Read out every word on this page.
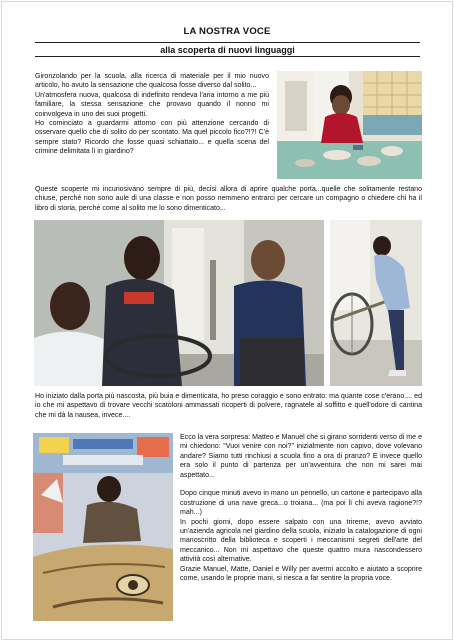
LA NOSTRA VOCE
alla scoperta di nuovi linguaggi

Gironzolando per la scuola, alla ricerca di materiale per il mio nuovo articolo, ho avuto la sensazione che qualcosa fosse diverso dal solito...

Un'atmosfera nuova, qualcosa di indefinito rendeva l'aria intorno a me più familiare, la stessa sensazione che provavo quando il nonno mi coinvolgeva in uno dei suoi progetti.

Ho cominciato a guardarmi attorno con più attenzione cercando di osservare quello che di solito do per scontato. Ma quel piccolo fico?!?! C'è sempre stato? Ricordo che fosse quasi schiattato... e quella scena del crimine delimitata lì in giardino?

Queste scoperte mi incuriosivano sempre di più, decisi allora di aprire qualche porta...quelle che solitamente restano chiuse, perché non sono aule di una classe e non posso nemmeno entrarci per cercare un compagno o chiedere chi ha il libro di storia, perché come al solito me lo sono dimenticato...

Ho iniziato dalla porta più nascosta, più buia e dimenticata, ho preso coraggio e sono entrato: ma quante cose c'erano.... ed io che mi aspettavo di trovare vecchi scatoloni ammassati ricoperti di polvere, ragnatele al soffitto e quell'odore di cantina che mi dà la nausea, invece....

Ecco la vera sorpresa: Matteo e Manuel che si girano sorridenti verso di me e mi chiedono: "Vuoi venire con noi?" inizialmente non capivo, dove volevano andare? Siamo tutti rinchiusi a scuola fino a ora di pranzo? E invece quello era solo il punto di partenza per un'avventura che non mi sarei mai aspettato...

Dopo cinque minuti avevo in mano un pennello, un cartone e partecipavo alla costruzione di una nave greca...o troiana... (ma poi lì chi aveva ragione?!?mah...)

In pochi giorni, dopo essere salpato con una trireme, avevo avviato un'azienda agricola nel giardino della scuola, iniziato la catalogazione di ogni manoscritto della biblioteca e scoperti i meccanismi segreti dell'arte del meccanico... Non mi aspettavo che queste quattro mura nascondessero attività così alternative.

Grazie Manuel, Matte, Daniel e Willy per avermi accolto e aiutato a scoprire come, usando le proprie mani, si riesca a far sentire la propria voce.
